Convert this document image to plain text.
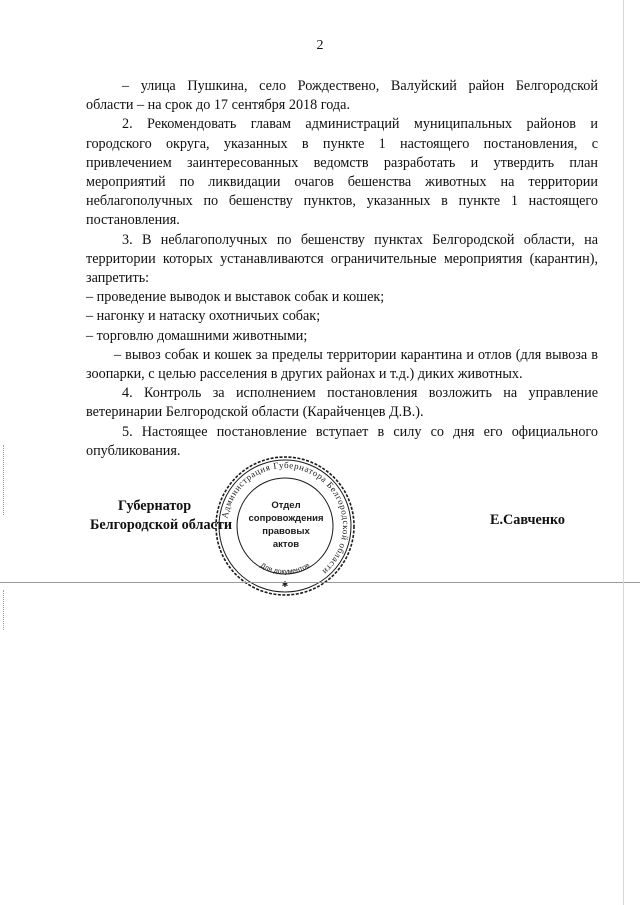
2

– улица Пушкина, село Рождествено, Валуйский район Белгородской

области – на срок до 17 сентября 2018 года.

2. Рекомендовать главам администраций муниципальных районов и городского округа, указанных в пункте 1 настоящего постановления, с привлечением заинтересованных ведомств разработать и утвердить план мероприятий по ликвидации очагов бешенства животных на территории неблагополучных по бешенству пунктов, указанных в пункте 1 настоящего постановления.

3. В неблагополучных по бешенству пунктах Белгородской области, на территории которых устанавливаются ограничительные мероприятия (карантин), запретить:

– проведение выводок и выставок собак и кошек;

– нагонку и натаску охотничьих собак;

– торговлю домашними животными;

– вывоз собак и кошек за пределы территории карантина и отлов (для вывоза в зоопарки, с целью расселения в других районах и т.д.) диких животных.

4. Контроль за исполнением постановления возложить на управление ветеринарии Белгородской области (Карайченцев Д.В.).

5. Настоящее постановление вступает в силу со дня его официального опубликования.

Губернатор
Белгородской области	Е.Савченко
Администрация Губернатора Белгородской области
Для документов
Отдел
сопровождения
правовых
актов
✱
